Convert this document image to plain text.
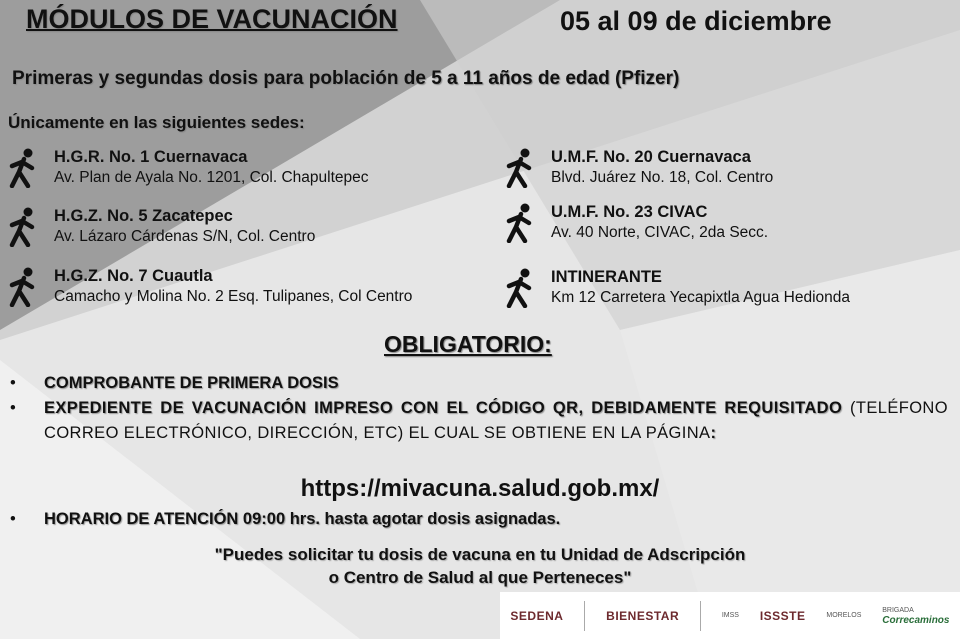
MÓDULOS DE VACUNACIÓN	05 al 09 de diciembre
Primeras y segundas dosis para población de 5 a 11 años de edad (Pfizer)
Únicamente en las siguientes sedes:
H.G.R. No. 1 Cuernavaca
Av. Plan de Ayala No. 1201, Col. Chapultepec
H.G.Z. No. 5 Zacatepec
Av. Lázaro Cárdenas S/N, Col. Centro
H.G.Z. No. 7 Cuautla
Camacho y Molina No. 2 Esq. Tulipanes, Col Centro
U.M.F. No. 20 Cuernavaca
Blvd. Juárez No. 18, Col. Centro
U.M.F. No. 23 CIVAC
Av. 40 Norte, CIVAC, 2da Secc.
INTINERANTE
Km 12 Carretera Yecapixtla Agua Hedionda
OBLIGATORIO:
• COMPROBANTE DE PRIMERA DOSIS
• EXPEDIENTE DE VACUNACIÓN IMPRESO CON EL CÓDIGO QR, DEBIDAMENTE REQUISITADO (TELÉFONO CORREO ELECTRÓNICO, DIRECCIÓN, ETC) EL CUAL SE OBTIENE EN LA PÁGINA:
https://mivacuna.salud.gob.mx/
• HORARIO DE ATENCIÓN 09:00 hrs. hasta agotar dosis asignadas.
"Puedes solicitar tu dosis de vacuna en tu Unidad de Adscripción
o Centro de Salud al que Perteneces"
SEDENA	BIENESTAR	IMSS ISSSTE	MORELOS
BRIGADA
Correcaminos
